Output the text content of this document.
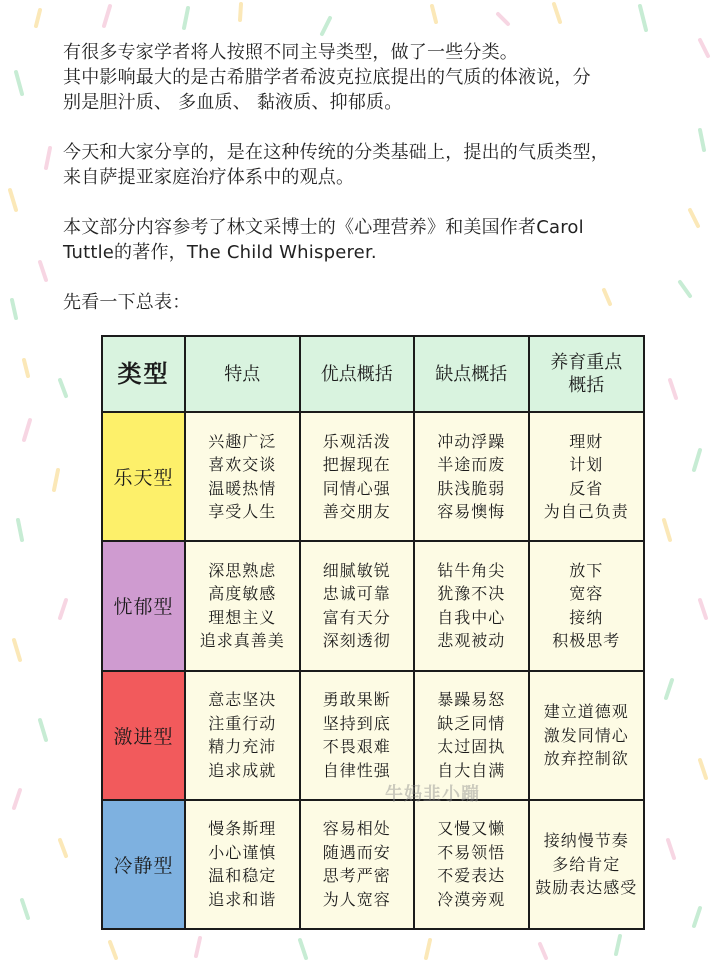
有很多专家学者将人按照不同主导类型，做了一些分类。

其中影响最大的是古希腊学者希波克拉底提出的气质的体液说，分

别是胆汁质、 多血质、 黏液质、抑郁质。

今天和大家分享的，是在这种传统的分类基础上，提出的气质类型，

来自萨提亚家庭治疗体系中的观点。

本文部分内容参考了林文采博士的《心理营养》和美国作者Carol

Tuttle的著作，The Child Whisperer.

先看一下总表：

类型	特点	优点概括	缺点概括	养育重点
概括

乐天型	兴趣广泛
喜欢交谈
温暖热情
享受人生	乐观活泼
把握现在
同情心强
善交朋友	冲动浮躁
半途而废
肤浅脆弱
容易懊悔	理财
计划
反省
为自己负责

忧郁型	深思熟虑
高度敏感
理想主义
追求真善美	细腻敏锐
忠诚可靠
富有天分
深刻透彻	钻牛角尖
犹豫不决
自我中心
悲观被动	放下
宽容
接纳
积极思考

激进型	意志坚决
注重行动
精力充沛
追求成就	勇敢果断
坚持到底
不畏艰难
自律性强	暴躁易怒
缺乏同情
太过固执
自大自满	建立道德观
激发同情心
放弃控制欲

冷静型	慢条斯理
小心谨慎
温和稳定
追求和谐	容易相处
随遇而安
思考严密
为人宽容	又慢又懒
不易领悟
不爱表达
冷漠旁观	接纳慢节奏
多给肯定
鼓励表达感受
牛妈韭小蹦
